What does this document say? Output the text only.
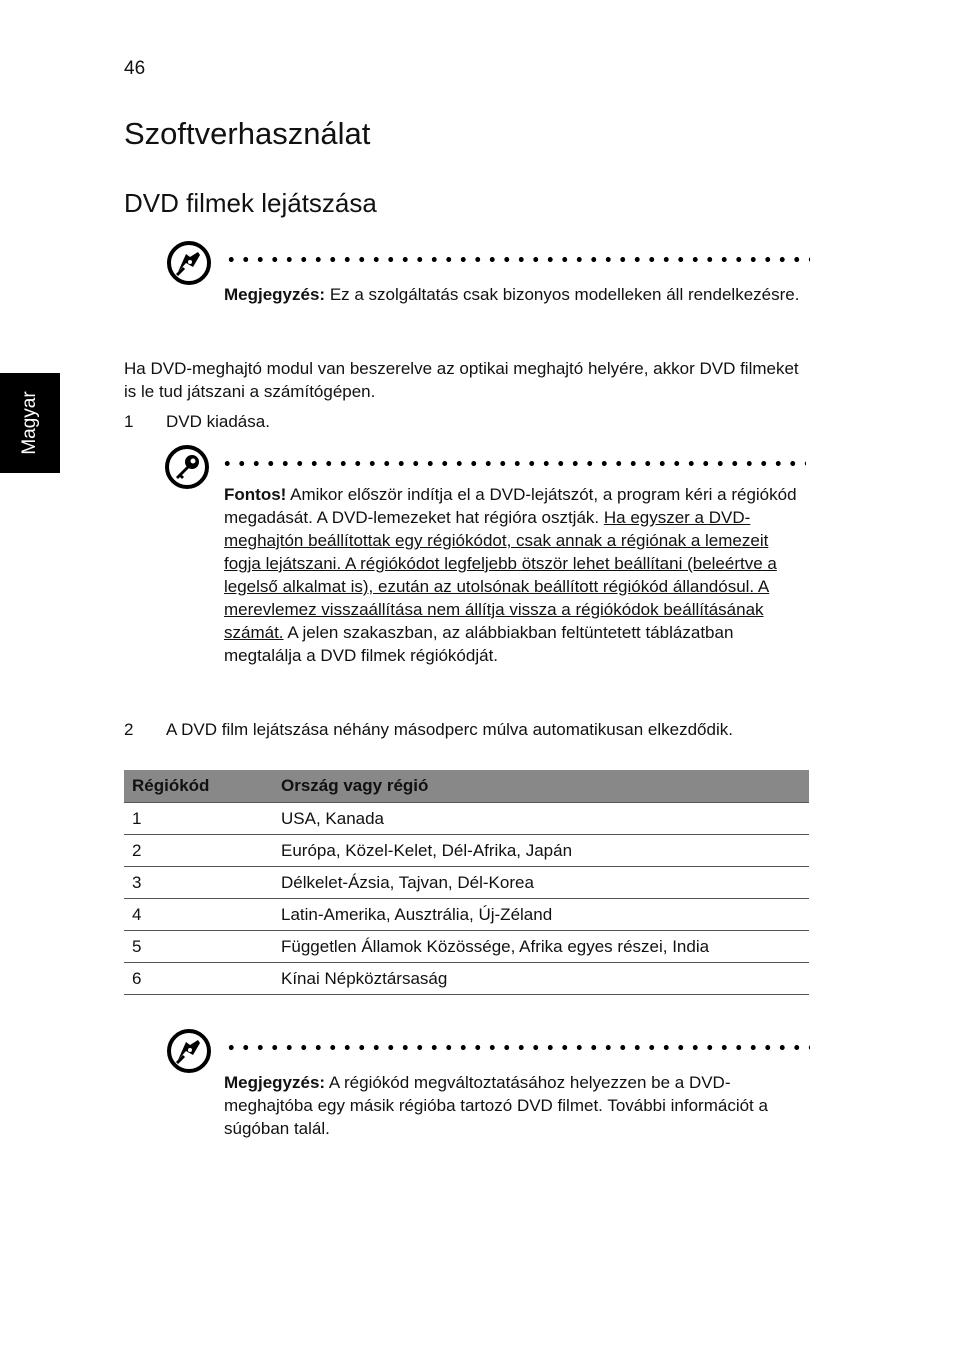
46
Szoftverhasználat
DVD filmek lejátszása
Magyar
Megjegyzés: Ez a szolgáltatás csak bizonyos modelleken áll rendelkezésre.
Ha DVD-meghajtó modul van beszerelve az optikai meghajtó helyére, akkor DVD filmeket is le tud játszani a számítógépen.
1 DVD kiadása.
Fontos! Amikor először indítja el a DVD-lejátszót, a program kéri a régiókód megadását. A DVD-lemezeket hat régióra osztják. Ha egyszer a DVD-meghajtón beállítottak egy régiókódot, csak annak a régiónak a lemezeit fogja lejátszani. A régiókódot legfeljebb ötször lehet beállítani (beleértve a legelső alkalmat is), ezután az utolsónak beállított régiókód állandósul. A merevlemez visszaállítása nem állítja vissza a régiókódok beállításának számát. A jelen szakaszban, az alábbiakban feltüntetett táblázatban megtalálja a DVD filmek régiókódját.
2 A DVD film lejátszása néhány másodperc múlva automatikusan elkezdődik.
Régiókód	Ország vagy régió
1	USA, Kanada
2	Európa, Közel-Kelet, Dél-Afrika, Japán
3	Délkelet-Ázsia, Tajvan, Dél-Korea
4	Latin-Amerika, Ausztrália, Új-Zéland
5	Független Államok Közössége, Afrika egyes részei, India
6	Kínai Népköztársaság
Megjegyzés: A régiókód megváltoztatásához helyezzen be a DVD-meghajtóba egy másik régióba tartozó DVD filmet. További információt a súgóban talál.
